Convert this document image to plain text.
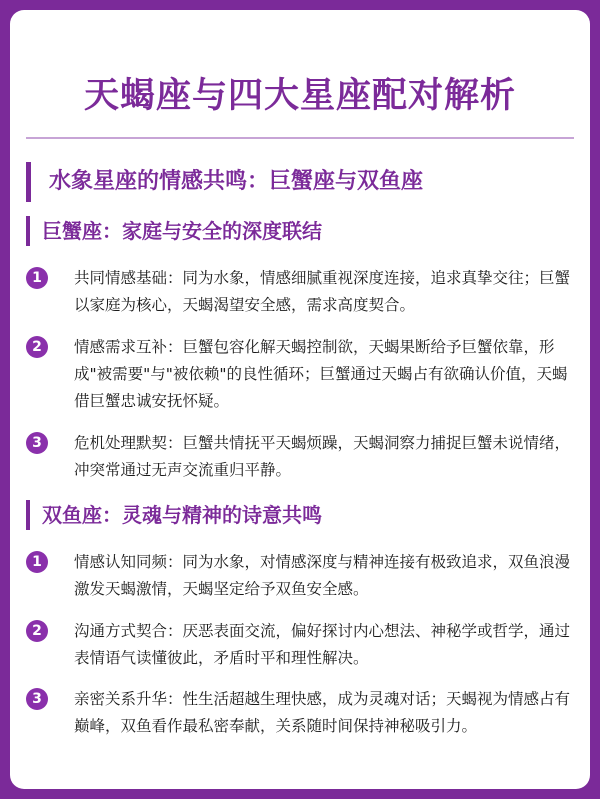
天蝎座与四大星座配对解析
水象星座的情感共鸣：巨蟹座与双鱼座
巨蟹座：家庭与安全的深度联结
1	共同情感基础：同为水象，情感细腻重视深度连接，追求真挚交往；巨蟹以家庭为核心，天蝎渴望安全感，需求高度契合。
2	情感需求互补：巨蟹包容化解天蝎控制欲，天蝎果断给予巨蟹依靠，形成"被需要"与"被依赖"的良性循环；巨蟹通过天蝎占有欲确认价值，天蝎借巨蟹忠诚安抚怀疑。
3	危机处理默契：巨蟹共情抚平天蝎烦躁，天蝎洞察力捕捉巨蟹未说情绪，冲突常通过无声交流重归平静。
双鱼座：灵魂与精神的诗意共鸣
1	情感认知同频：同为水象，对情感深度与精神连接有极致追求，双鱼浪漫激发天蝎激情，天蝎坚定给予双鱼安全感。
2	沟通方式契合：厌恶表面交流，偏好探讨内心想法、神秘学或哲学，通过表情语气读懂彼此，矛盾时平和理性解决。
3	亲密关系升华：性生活超越生理快感，成为灵魂对话；天蝎视为情感占有巅峰，双鱼看作最私密奉献，关系随时间保持神秘吸引力。
